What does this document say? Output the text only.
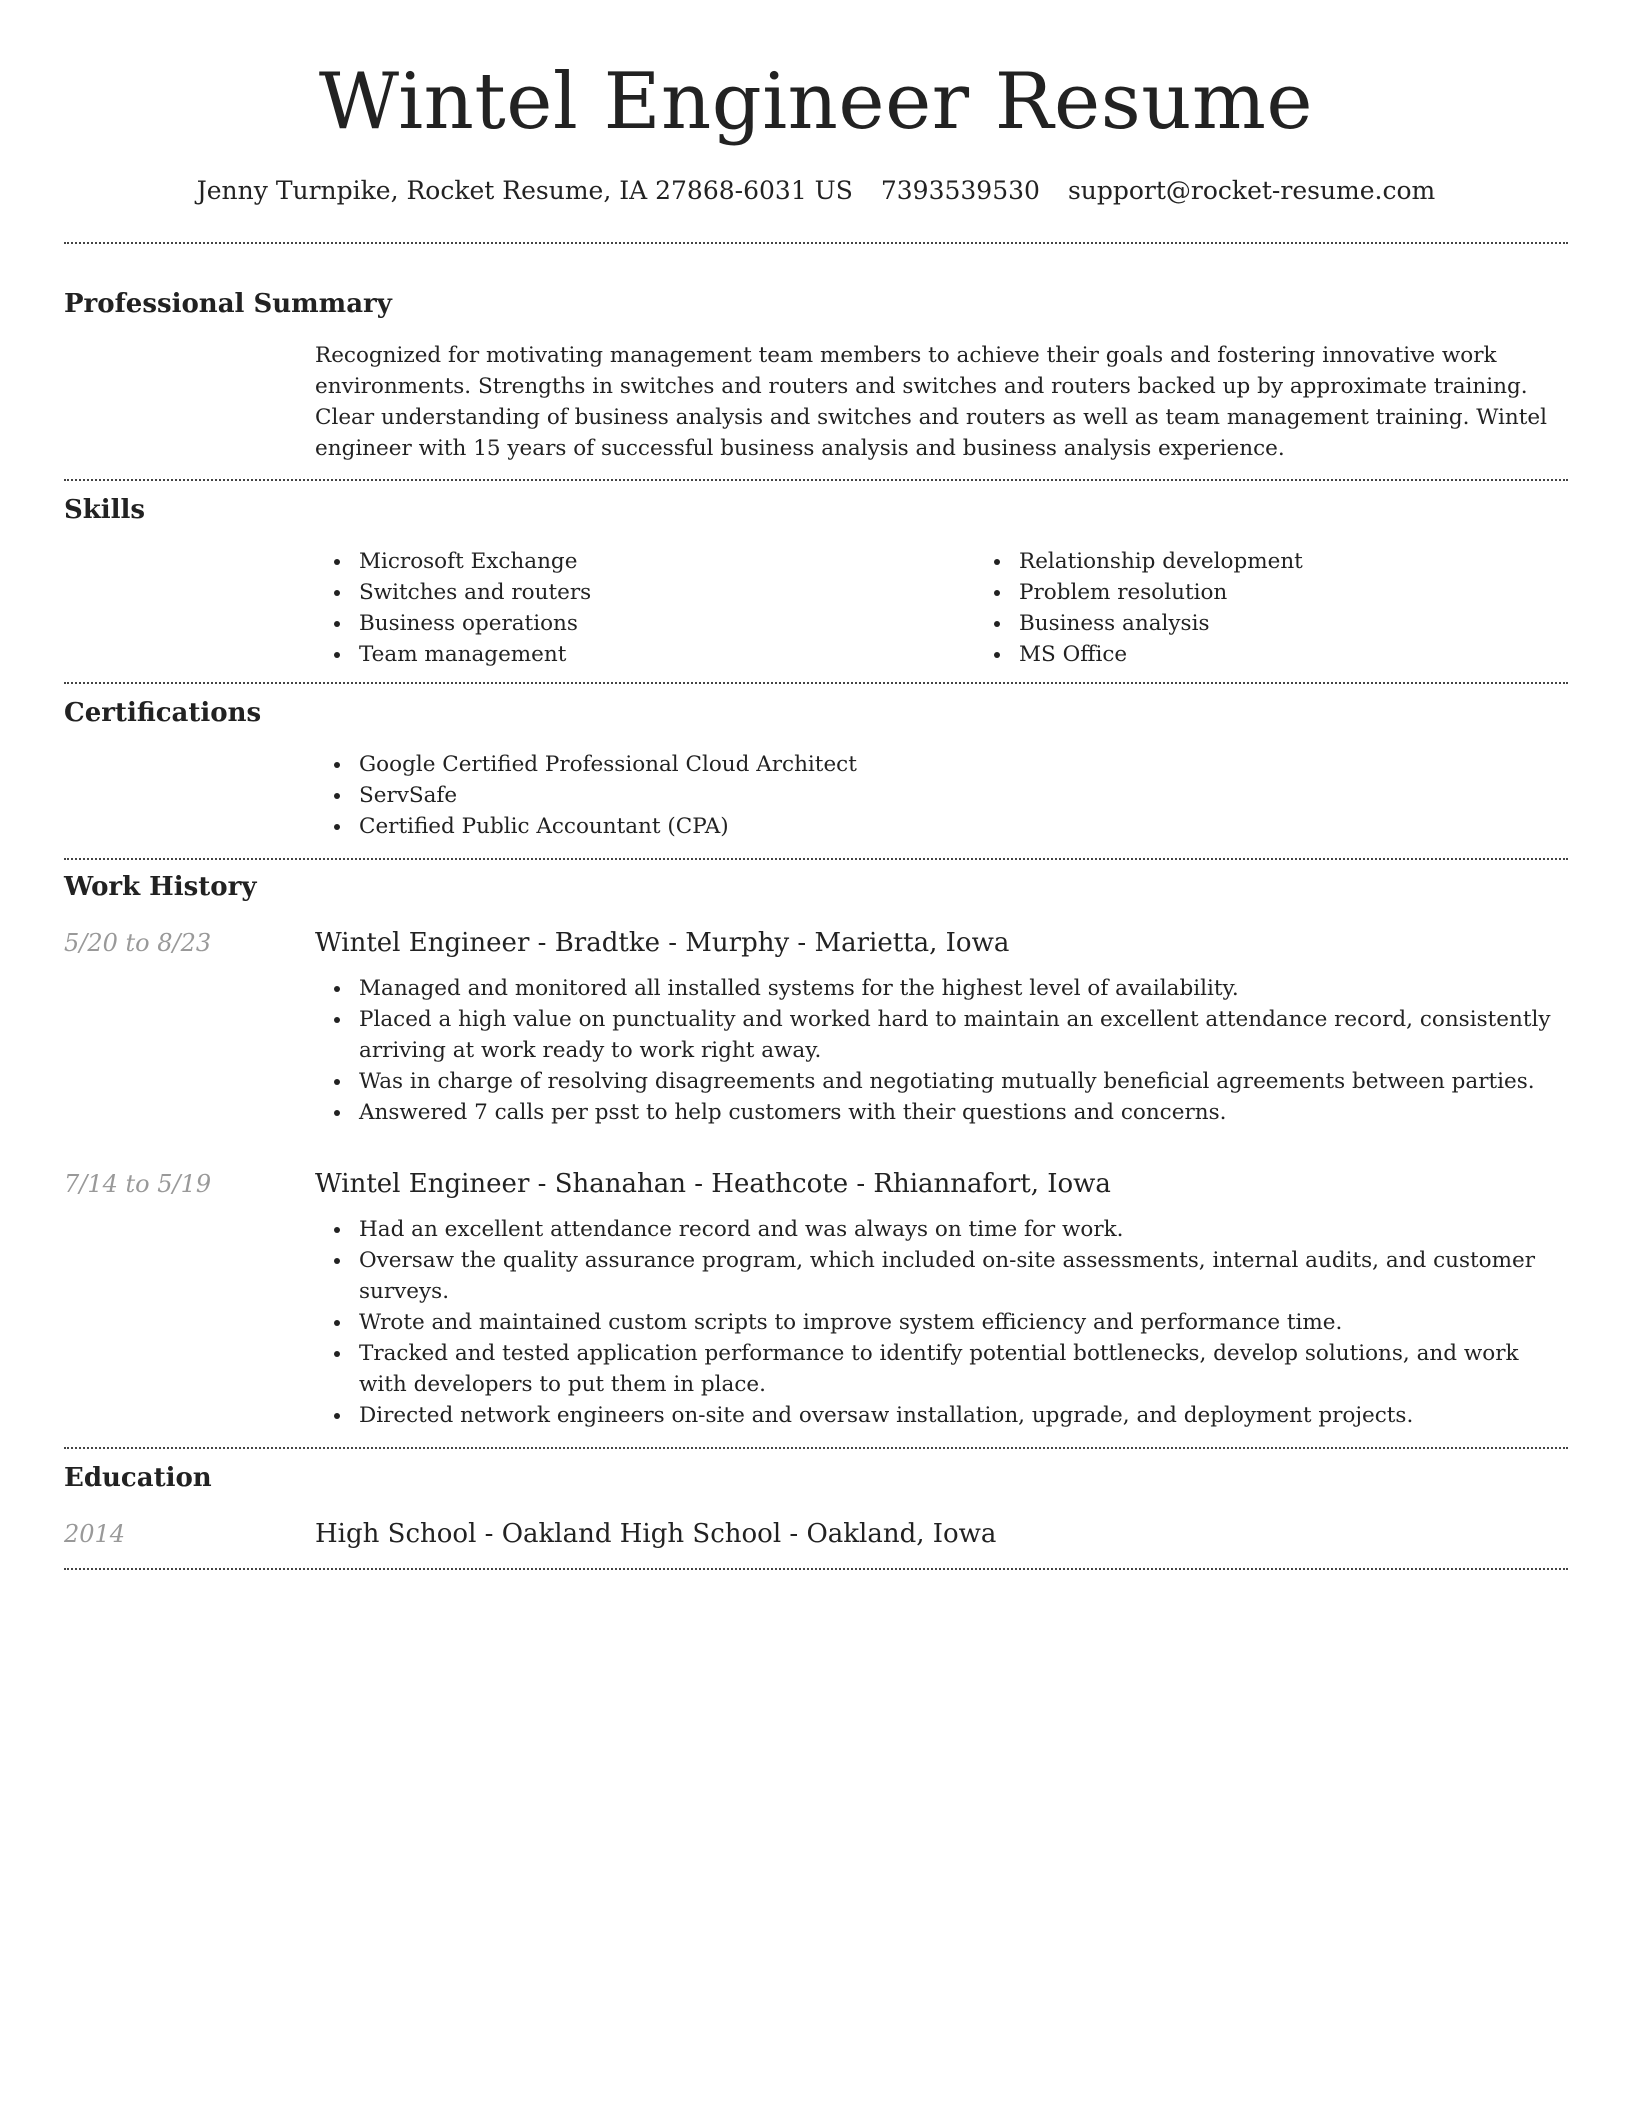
Wintel Engineer Resume
Jenny Turnpike, Rocket Resume, IA 27868-6031 US 7393539530 support@rocket-resume.com
Professional Summary
Recognized for motivating management team members to achieve their goals and fostering innovative work environments. Strengths in switches and routers and switches and routers backed up by approximate training. Clear understanding of business analysis and switches and routers as well as team management training. Wintel engineer with 15 years of successful business analysis and business analysis experience.
Skills
Microsoft Exchange
Switches and routers
Business operations
Team management
Relationship development
Problem resolution
Business analysis
MS Office
Certifications
Google Certified Professional Cloud Architect
ServSafe
Certified Public Accountant (CPA)
Work History
5/20 to 8/23	Wintel Engineer - Bradtke - Murphy - Marietta, Iowa
Managed and monitored all installed systems for the highest level of availability.
Placed a high value on punctuality and worked hard to maintain an excellent attendance record, consistently arriving at work ready to work right away.
Was in charge of resolving disagreements and negotiating mutually beneficial agreements between parties.
Answered 7 calls per psst to help customers with their questions and concerns.
7/14 to 5/19	Wintel Engineer - Shanahan - Heathcote - Rhiannafort, Iowa
Had an excellent attendance record and was always on time for work.
Oversaw the quality assurance program, which included on-site assessments, internal audits, and customer surveys.
Wrote and maintained custom scripts to improve system efficiency and performance time.
Tracked and tested application performance to identify potential bottlenecks, develop solutions, and work with developers to put them in place.
Directed network engineers on-site and oversaw installation, upgrade, and deployment projects.
Education
2014	High School - Oakland High School - Oakland, Iowa
